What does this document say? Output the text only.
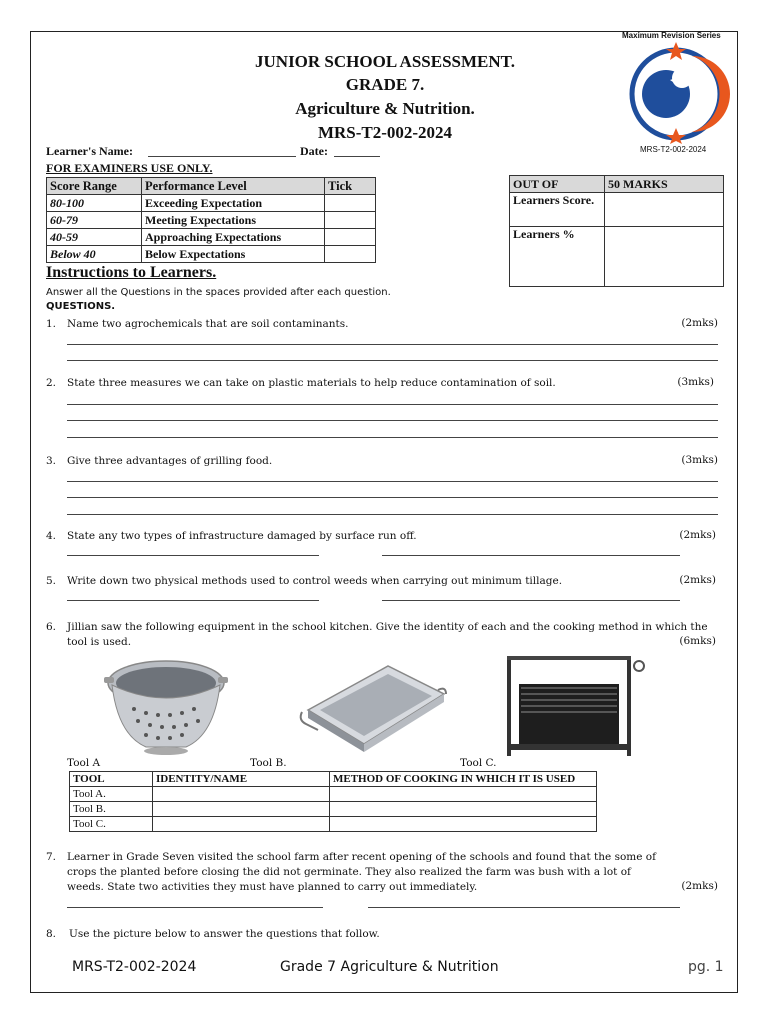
JUNIOR SCHOOL ASSESSMENT.
GRADE 7.
Agriculture & Nutrition.
MRS-T2-002-2024
Maximum Revision Series
MRS-T2-002-2024
Learner's Name:	Date:
FOR EXAMINERS USE ONLY.
Score Range	Performance Level	Tick
80-100	Exceeding Expectation	
60-79	Meeting Expectations	
40-59	Approaching Expectations	
Below 40	Below Expectations	
OUT OF	50 MARKS
Learners Score.	
Learners %	
Instructions to Learners.
Answer all the Questions in the spaces provided after each question.
QUESTIONS.
1. Name two agrochemicals that are soil contaminants.	(2mks)
2. State three measures we can take on plastic materials to help reduce contamination of soil.	(3mks)
3. Give three advantages of grilling food.	(3mks)
4. State any two types of infrastructure damaged by surface run off.	(2mks)
5. Write down two physical methods used to control weeds when carrying out minimum tillage.	(2mks)
6. Jillian saw the following equipment in the school kitchen. Give the identity of each and the cooking method in which the tool is used.	(6mks)
Tool A	Tool B.	Tool C.
TOOL	IDENTITY/NAME	METHOD OF COOKING IN WHICH IT IS USED
Tool A.		
Tool B.		
Tool C.		
7. Learner in Grade Seven visited the school farm after recent opening of the schools and found that the some of crops the planted before closing the did not germinate. They also realized the farm was bush with a lot of weeds. State two activities they must have planned to carry out immediately.	(2mks)
8. Use the picture below to answer the questions that follow.
MRS-T2-002-2024	Grade 7 Agriculture & Nutrition	pg. 1
